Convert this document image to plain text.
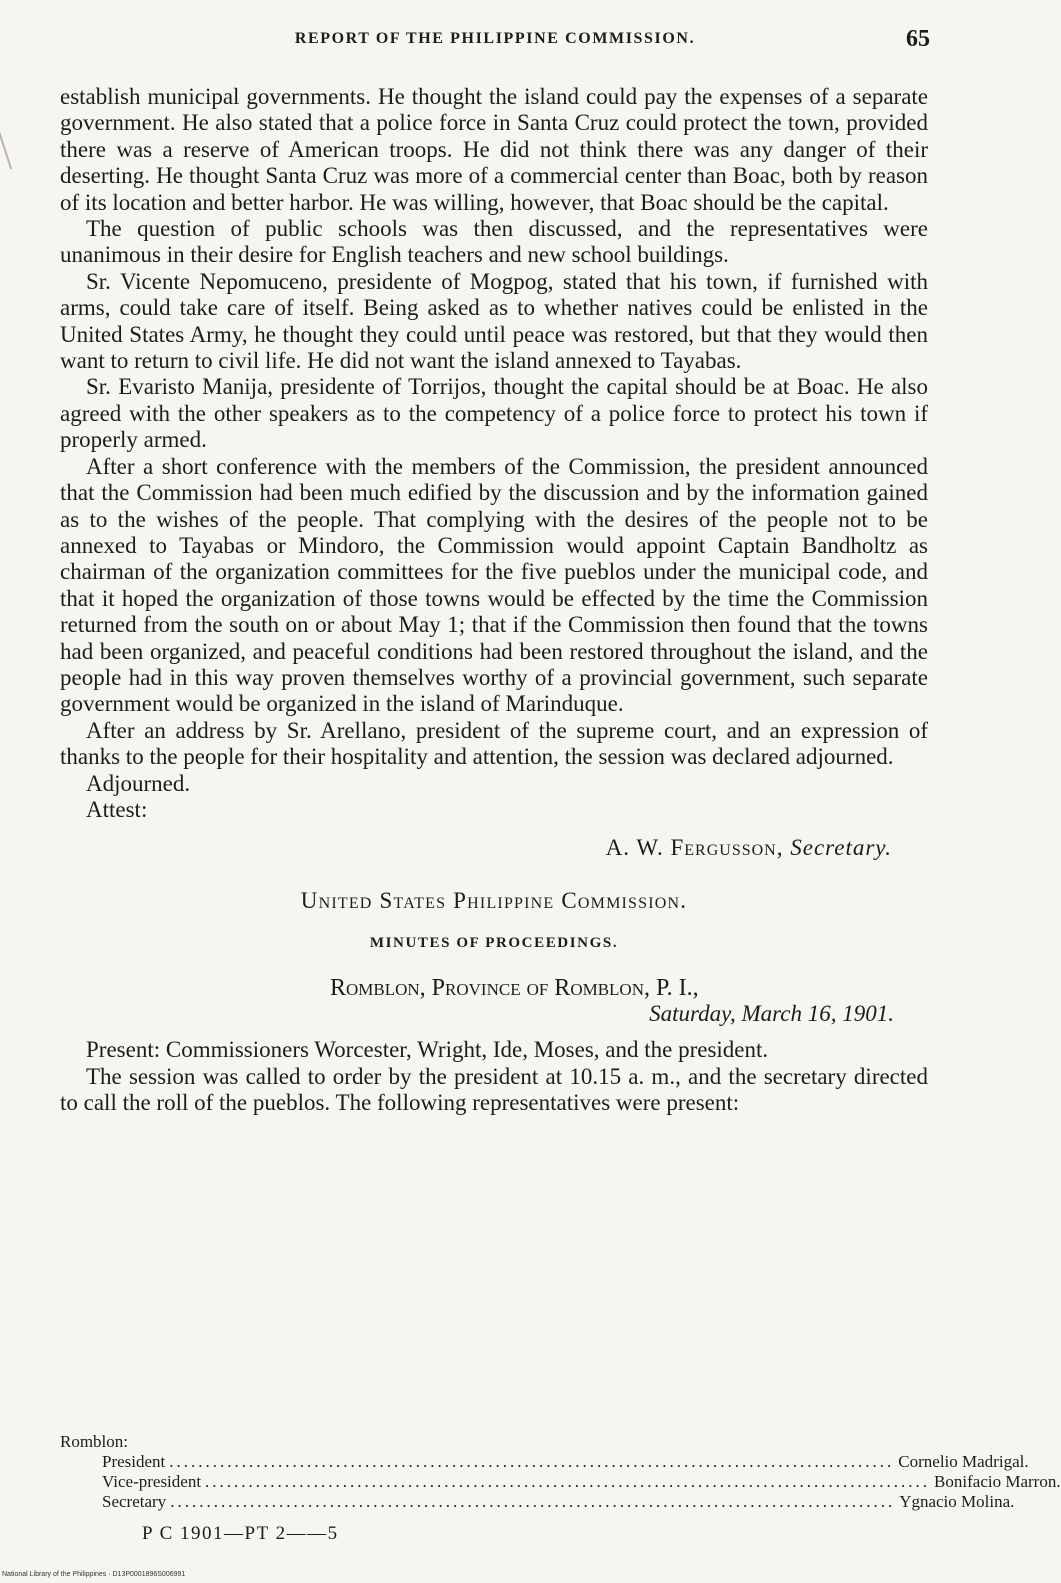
REPORT OF THE PHILIPPINE COMMISSION.	65

establish municipal governments. He thought the island could pay the expenses of a separate government. He also stated that a police force in Santa Cruz could protect the town, provided there was a reserve of American troops. He did not think there was any danger of their deserting. He thought Santa Cruz was more of a commercial center than Boac, both by reason of its location and better harbor. He was willing, however, that Boac should be the capital.

The question of public schools was then discussed, and the representatives were unanimous in their desire for English teachers and new school buildings.

Sr. Vicente Nepomuceno, presidente of Mogpog, stated that his town, if furnished with arms, could take care of itself. Being asked as to whether natives could be enlisted in the United States Army, he thought they could until peace was restored, but that they would then want to return to civil life. He did not want the island annexed to Tayabas.

Sr. Evaristo Manija, presidente of Torrijos, thought the capital should be at Boac. He also agreed with the other speakers as to the competency of a police force to protect his town if properly armed.

After a short conference with the members of the Commission, the president announced that the Commission had been much edified by the discussion and by the information gained as to the wishes of the people. That complying with the desires of the people not to be annexed to Tayabas or Mindoro, the Commission would appoint Captain Bandholtz as chairman of the organization committees for the five pueblos under the municipal code, and that it hoped the organization of those towns would be effected by the time the Commission returned from the south on or about May 1; that if the Commission then found that the towns had been organized, and peaceful conditions had been restored throughout the island, and the people had in this way proven themselves worthy of a provincial government, such separate government would be organized in the island of Marinduque.

After an address by Sr. Arellano, president of the supreme court, and an expression of thanks to the people for their hospitality and attention, the session was declared adjourned.

Adjourned.
Attest:
A. W. Fergusson, Secretary.
United States Philippine Commission.
MINUTES OF PROCEEDINGS.
Romblon, Province of Romblon, P. I.,
Saturday, March 16, 1901.

Present: Commissioners Worcester, Wright, Ide, Moses, and the president.

The session was called to order by the president at 10.15 a. m., and the secretary directed to call the roll of the pueblos. The following representatives were present:

Romblon:
President .................................................................................................... Cornelio Madrigal.
Vice-president .................................................................................................... Bonifacio Marron.
Secretary .................................................................................................... Ygnacio Molina.
P C 1901—PT 2——5
National Library of the Philippines · D13P0001896S006991
